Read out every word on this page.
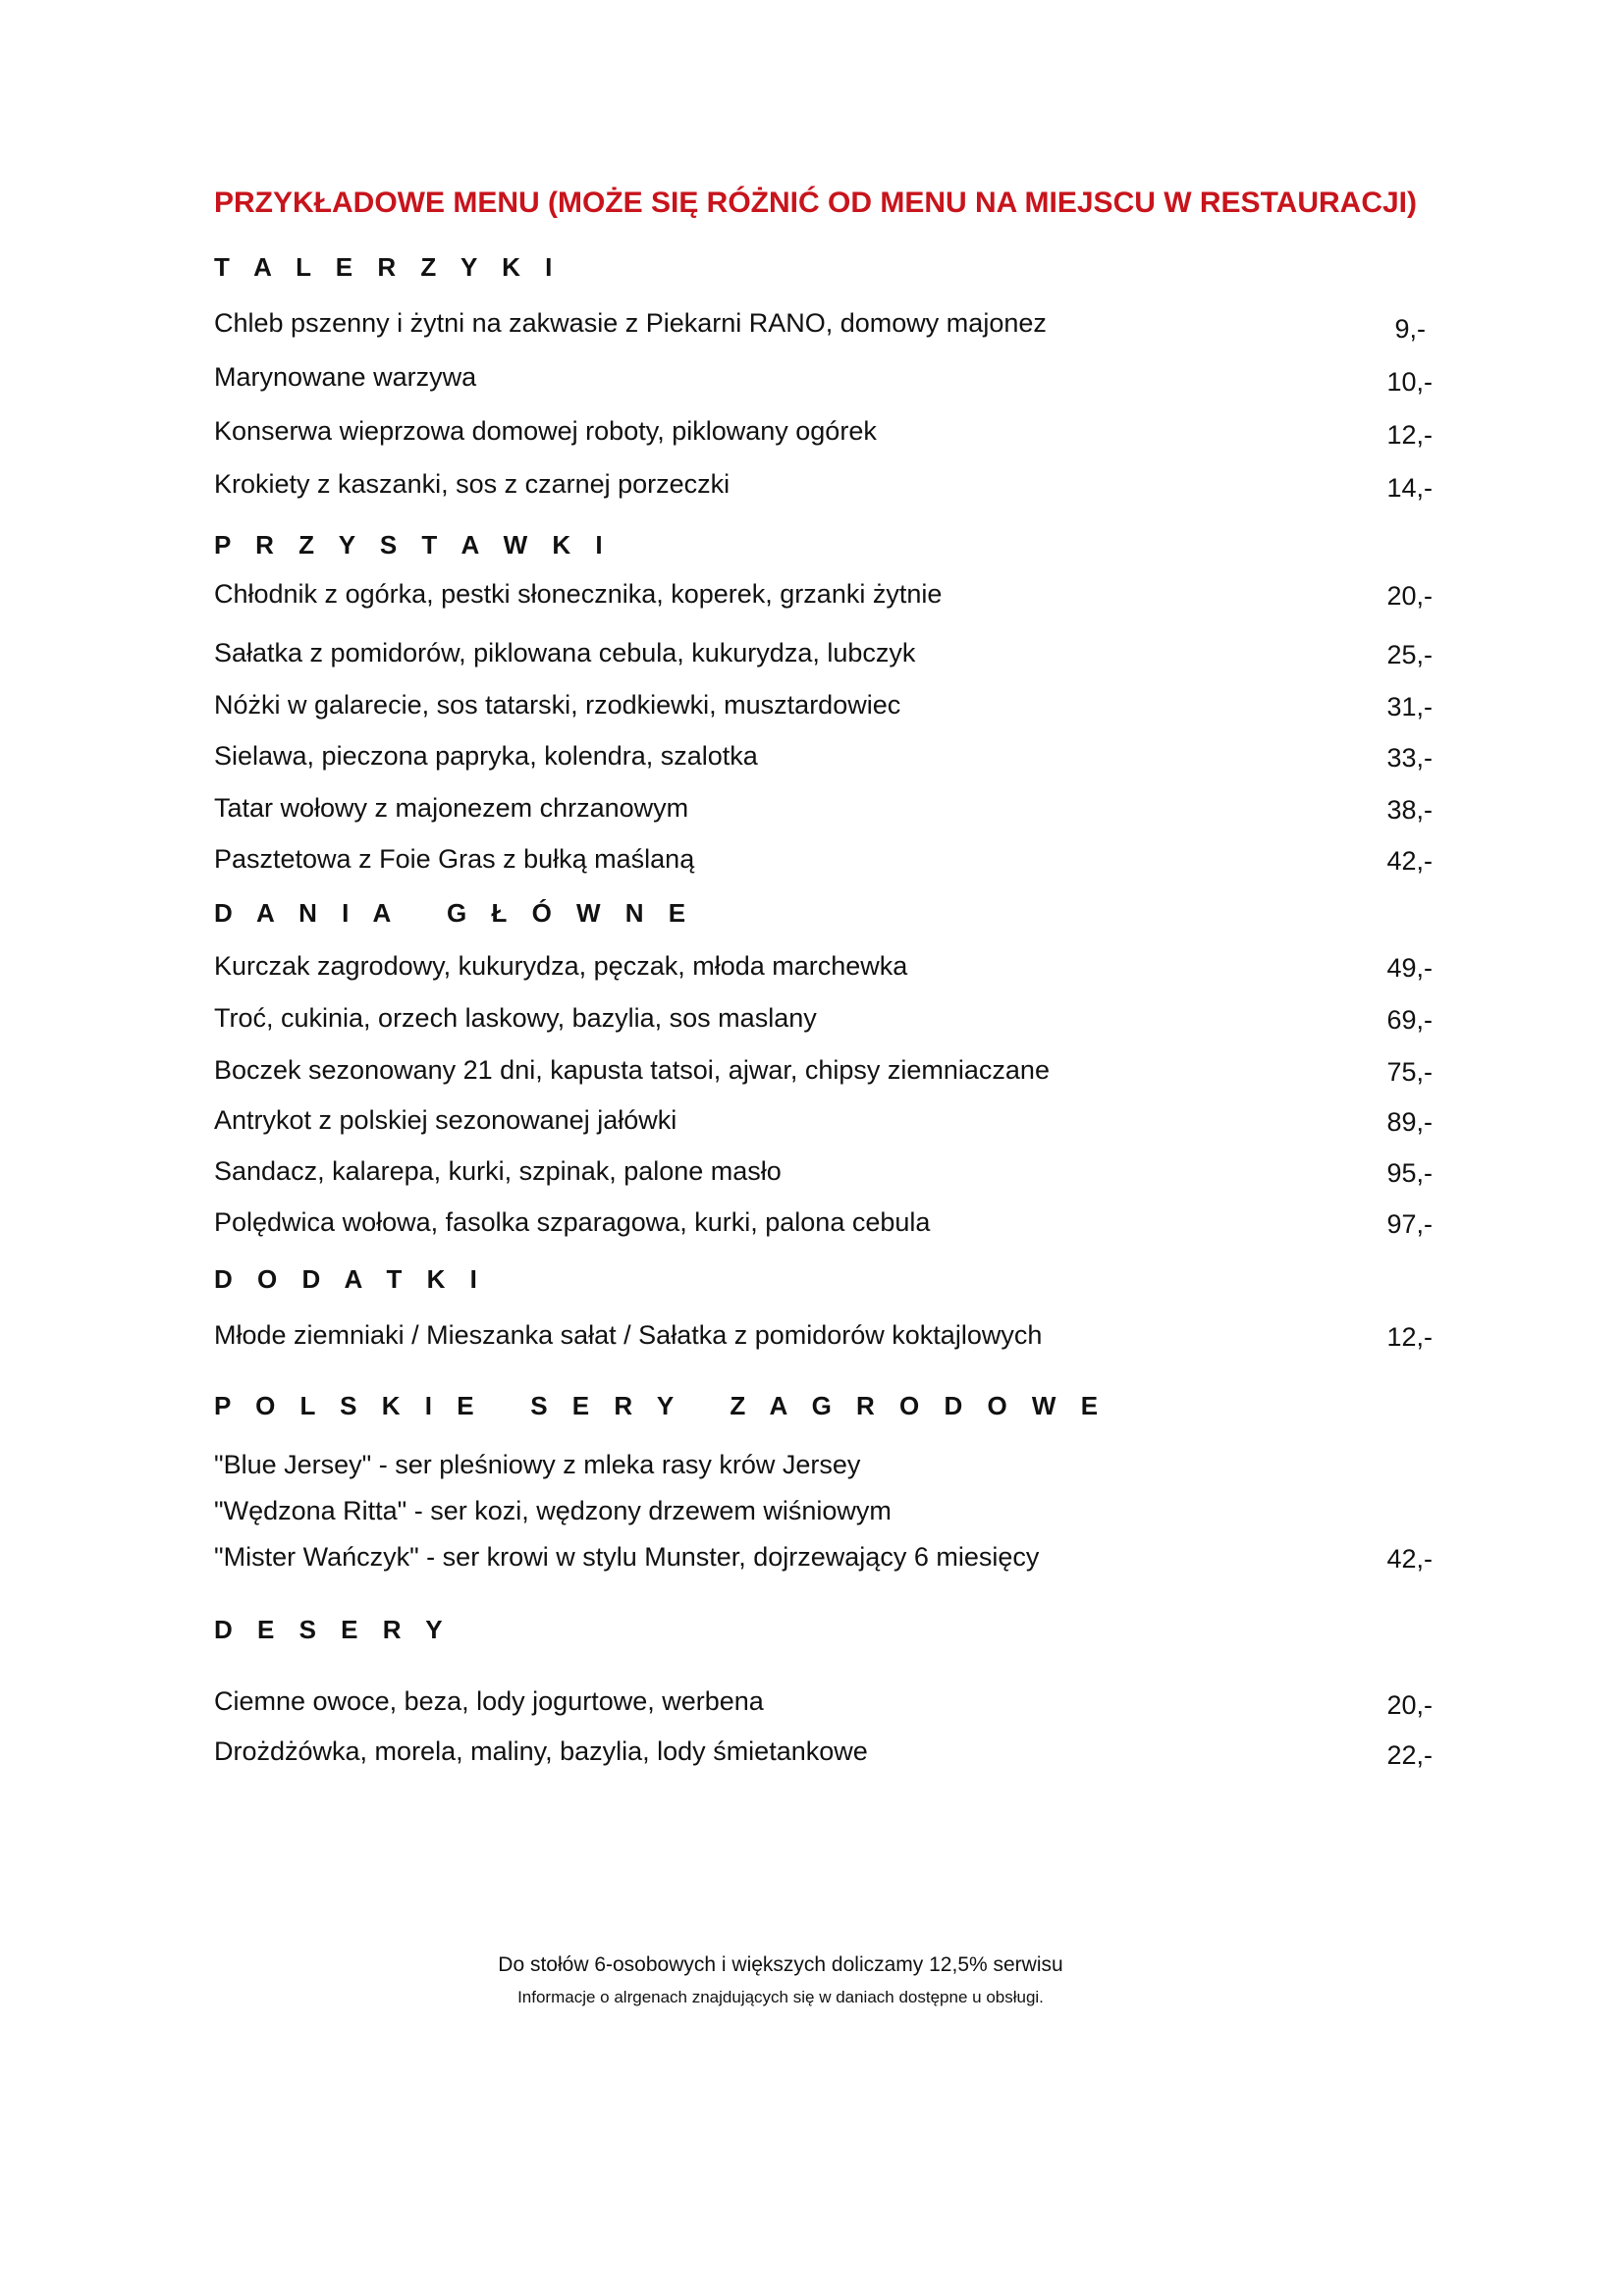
PRZYKŁADOWE MENU (MOŻE SIĘ RÓŻNIĆ OD MENU NA MIEJSCU W RESTAURACJI)
T A L E R Z Y K I
Chleb pszenny i żytni na zakwasie z Piekarni RANO, domowy majonez	9,-
Marynowane warzywa	10,-
Konserwa wieprzowa domowej roboty, piklowany ogórek	12,-
Krokiety z kaszanki, sos z czarnej porzeczki	14,-
P R Z Y S T A W K I
Chłodnik z ogórka, pestki słonecznika, koperek, grzanki żytnie	20,-
Sałatka z pomidorów, piklowana cebula, kukurydza, lubczyk	25,-
Nóżki w galarecie, sos tatarski, rzodkiewki, musztardowiec	31,-
Sielawa, pieczona papryka, kolendra, szalotka	33,-
Tatar wołowy z majonezem chrzanowym	38,-
Pasztetowa z Foie Gras z bułką maślaną	42,-
D A N I A   G Ł Ó W N E
Kurczak zagrodowy, kukurydza, pęczak, młoda marchewka	49,-
Troć, cukinia, orzech laskowy, bazylia, sos maslany	69,-
Boczek sezonowany 21 dni, kapusta tatsoi, ajwar, chipsy ziemniaczane	75,-
Antrykot z polskiej sezonowanej jałówki	89,-
Sandacz, kalarepa, kurki, szpinak, palone masło	95,-
Polędwica wołowa, fasolka szparagowa, kurki, palona cebula	97,-
D O D A T K I
Młode ziemniaki / Mieszanka sałat / Sałatka z pomidorów koktajlowych	12,-
P O L S K I E   S E R Y   Z A G R O D O W E
"Blue Jersey" - ser pleśniowy z mleka rasy krów Jersey
"Wędzona Ritta" - ser kozi, wędzony drzewem wiśniowym
"Mister Wańczyk" - ser krowi w stylu Munster, dojrzewający 6 miesięcy	42,-
D E S E R Y
Ciemne owoce, beza, lody jogurtowe, werbena	20,-
Drożdżówka, morela, maliny, bazylia, lody śmietankowe	22,-
Do stołów 6-osobowych i większych doliczamy 12,5% serwisu
Informacje o alrgenach znajdujących się w daniach dostępne u obsługi.
